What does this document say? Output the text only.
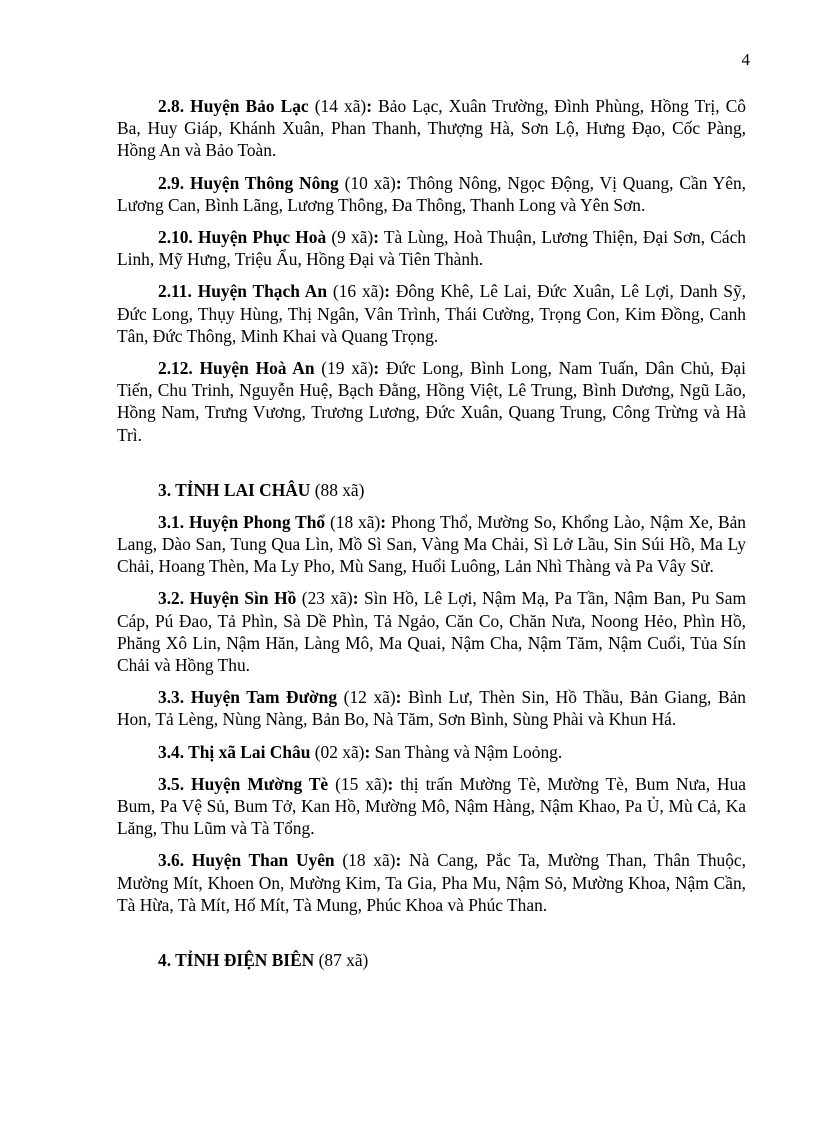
4

2.8. Huyện Bảo Lạc (14 xã): Bảo Lạc, Xuân Trường, Đình Phùng, Hồng Trị, Cô Ba, Huy Giáp, Khánh Xuân, Phan Thanh, Thượng Hà, Sơn Lộ, Hưng Đạo, Cốc Pàng, Hồng An và Bảo Toàn.

2.9. Huyện Thông Nông (10 xã): Thông Nông, Ngọc Động, Vị Quang, Cần Yên, Lương Can, Bình Lãng, Lương Thông, Đa Thông, Thanh Long và Yên Sơn.

2.10. Huyện Phục Hoà (9 xã): Tà Lùng, Hoà Thuận, Lương Thiện, Đại Sơn, Cách Linh, Mỹ Hưng, Triệu Ẩu, Hồng Đại và Tiên Thành.

2.11. Huyện Thạch An (16 xã): Đông Khê, Lê Lai, Đức Xuân, Lê Lợi, Danh Sỹ, Đức Long, Thụy Hùng, Thị Ngân, Vân Trình, Thái Cường, Trọng Con, Kim Đồng, Canh Tân, Đức Thông, Minh Khai và Quang Trọng.

2.12. Huyện Hoà An (19 xã): Đức Long, Bình Long, Nam Tuấn, Dân Chủ, Đại Tiến, Chu Trinh, Nguyễn Huệ, Bạch Đằng, Hồng Việt, Lê Trung, Bình Dương, Ngũ Lão, Hồng Nam, Trưng Vương, Trương Lương, Đức Xuân, Quang Trung, Công Trừng và Hà Trì.

3. TỈNH LAI CHÂU (88 xã)

3.1. Huyện Phong Thổ (18 xã): Phong Thổ, Mường So, Khổng Lào, Nậm Xe, Bản Lang, Dào San, Tung Qua Lìn, Mồ Sì San, Vàng Ma Chải, Sì Lở Lầu, Sin Súi Hồ, Ma Ly Chải, Hoang Thèn, Ma Ly Pho, Mù Sang, Huổi Luông, Lản Nhì Thàng và Pa Vây Sử.

3.2. Huyện Sìn Hồ (23 xã): Sìn Hồ, Lê Lợi, Nậm Mạ, Pa Tần, Nậm Ban, Pu Sam Cáp, Pú Đao, Tả Phìn, Sà Dề Phìn, Tả Ngảo, Căn Co, Chăn Nưa, Noong Hẻo, Phìn Hồ, Phăng Xô Lin, Nậm Hăn, Làng Mô, Ma Quai, Nậm Cha, Nậm Tăm, Nậm Cuổi, Tủa Sín Chải và Hồng Thu.

3.3. Huyện Tam Đường (12 xã): Bình Lư, Thèn Sin, Hồ Thầu, Bản Giang, Bản Hon, Tả Lèng, Nùng Nàng, Bản Bo, Nà Tăm, Sơn Bình, Sùng Phài và Khun Há.

3.4. Thị xã Lai Châu (02 xã): San Thàng và Nậm Loỏng.

3.5. Huyện Mường Tè (15 xã): thị trấn Mường Tè, Mường Tè, Bum Nưa, Hua Bum, Pa Vệ Sủ, Bum Tở, Kan Hồ, Mường Mô, Nậm Hàng, Nậm Khao, Pa Ủ, Mù Cả, Ka Lăng, Thu Lũm và Tà Tổng.

3.6. Huyện Than Uyên (18 xã): Nà Cang, Pắc Ta, Mường Than, Thân Thuộc, Mường Mít, Khoen On, Mường Kim, Ta Gia, Pha Mu, Nậm Sỏ, Mường Khoa, Nậm Cần, Tà Hừa, Tà Mít, Hố Mít, Tà Mung, Phúc Khoa và Phúc Than.

4. TỈNH ĐIỆN BIÊN (87 xã)
